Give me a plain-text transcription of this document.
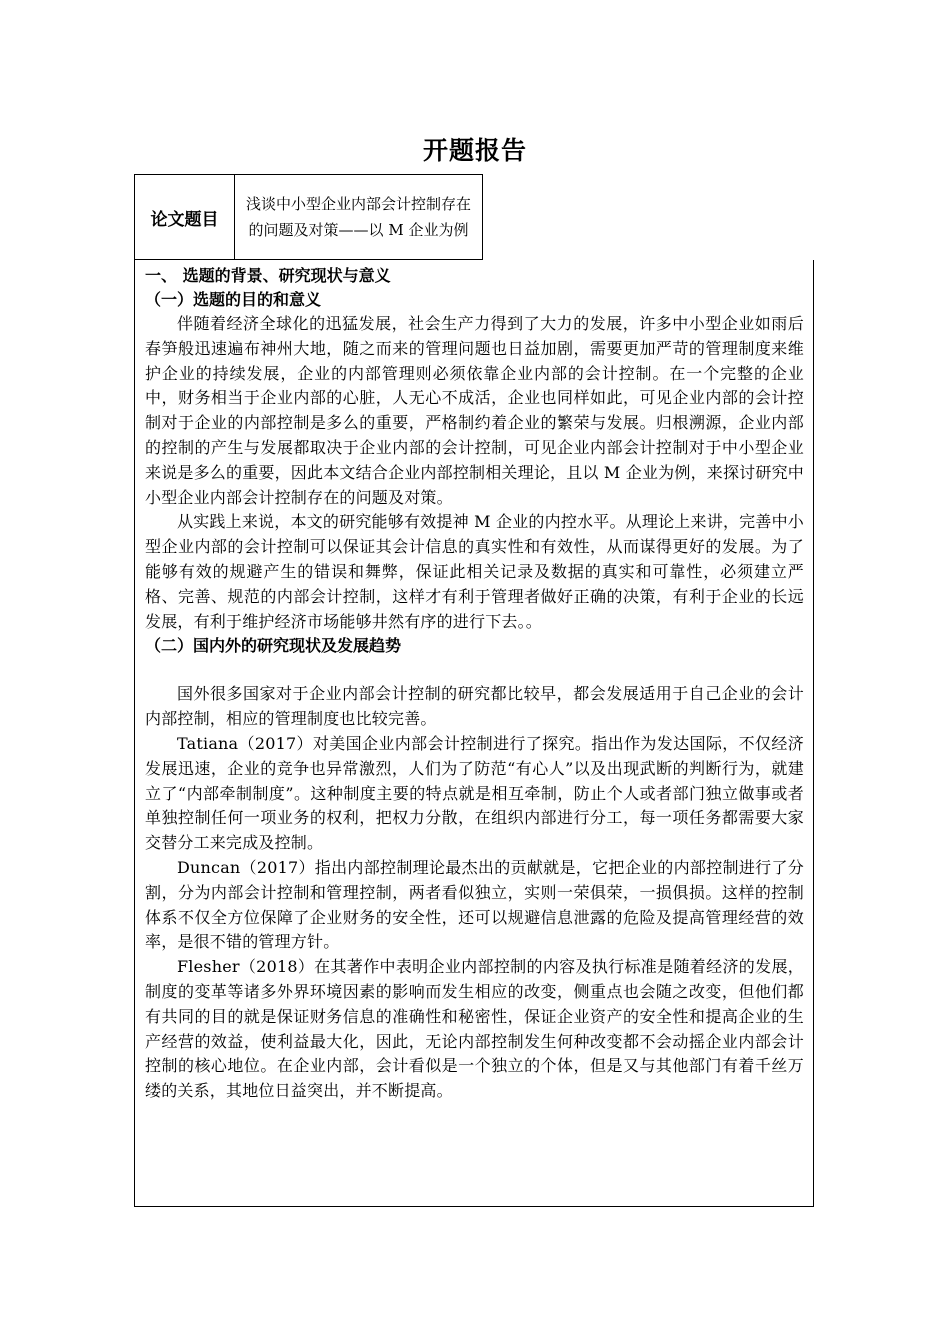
开题报告
论文题目	浅谈中小型企业内部会计控制存在的问题及对策——以 M 企业为例

一、 选题的背景、研究现状与意义

（一）选题的目的和意义

伴随着经济全球化的迅猛发展，社会生产力得到了大力的发展，许多中小型企业如雨后春笋般迅速遍布神州大地，随之而来的管理问题也日益加剧，需要更加严苛的管理制度来维护企业的持续发展，企业的内部管理则必须依靠企业内部的会计控制。在一个完整的企业中，财务相当于企业内部的心脏，人无心不成活，企业也同样如此，可见企业内部的会计控制对于企业的内部控制是多么的重要，严格制约着企业的繁荣与发展。归根溯源，企业内部的控制的产生与发展都取决于企业内部的会计控制，可见企业内部会计控制对于中小型企业来说是多么的重要，因此本文结合企业内部控制相关理论，且以 M 企业为例，来探讨研究中小型企业内部会计控制存在的问题及对策。

从实践上来说，本文的研究能够有效提神 M 企业的内控水平。从理论上来讲，完善中小型企业内部的会计控制可以保证其会计信息的真实性和有效性，从而谋得更好的发展。为了能够有效的规避产生的错误和舞弊，保证此相关记录及数据的真实和可靠性，必须建立严格、完善、规范的内部会计控制，这样才有利于管理者做好正确的决策，有利于企业的长远发展，有利于维护经济市场能够井然有序的进行下去。。

（二）国内外的研究现状及发展趋势

国外很多国家对于企业内部会计控制的研究都比较早，都会发展适用于自己企业的会计内部控制，相应的管理制度也比较完善。

Tatiana（2017）对美国企业内部会计控制进行了探究。指出作为发达国际，不仅经济发展迅速，企业的竞争也异常激烈，人们为了防范“有心人”以及出现武断的判断行为，就建立了“内部牵制制度”。这种制度主要的特点就是相互牵制，防止个人或者部门独立做事或者单独控制任何一项业务的权利，把权力分散，在组织内部进行分工，每一项任务都需要大家交替分工来完成及控制。

Duncan（2017）指出内部控制理论最杰出的贡献就是，它把企业的内部控制进行了分割，分为内部会计控制和管理控制，两者看似独立，实则一荣俱荣，一损俱损。这样的控制体系不仅全方位保障了企业财务的安全性，还可以规避信息泄露的危险及提高管理经营的效率，是很不错的管理方针。

Flesher（2018）在其著作中表明企业内部控制的内容及执行标准是随着经济的发展，制度的变革等诸多外界环境因素的影响而发生相应的改变，侧重点也会随之改变，但他们都有共同的目的就是保证财务信息的准确性和秘密性，保证企业资产的安全性和提高企业的生产经营的效益，使利益最大化，因此，无论内部控制发生何种改变都不会动摇企业内部会计控制的核心地位。在企业内部，会计看似是一个独立的个体，但是又与其他部门有着千丝万缕的关系，其地位日益突出，并不断提高。
